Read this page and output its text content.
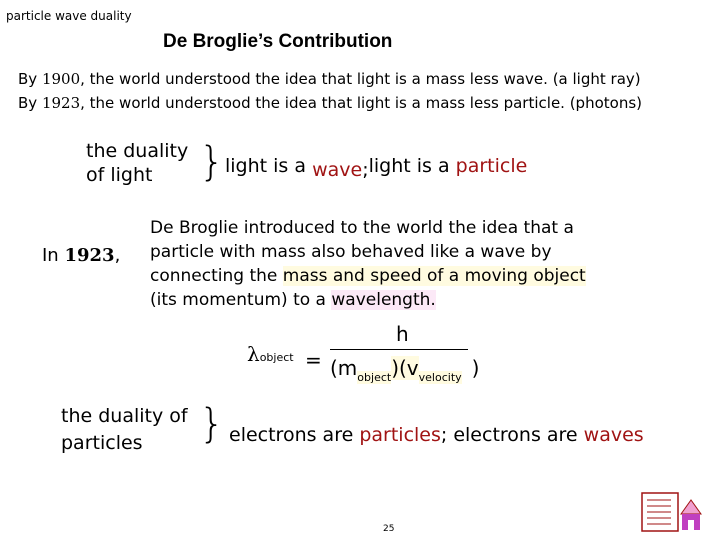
particle wave duality
De Broglie’s Contribution
By 1900, the world understood the idea that light is a mass less wave. (a light ray)
By 1923, the world understood the idea that light is a mass less particle. (photons)
the duality of light	} light is a wave;light is a particle
In 1923,
De Broglie introduced to the world the idea that a
particle with mass also behaved like a wave by
connecting the mass and speed of a moving object
(its momentum) to a wavelength.
λobject =
h
$(m_{object})(v_{velocity}$ )
the duality of particles	} electrons are particles; electrons are waves
25
